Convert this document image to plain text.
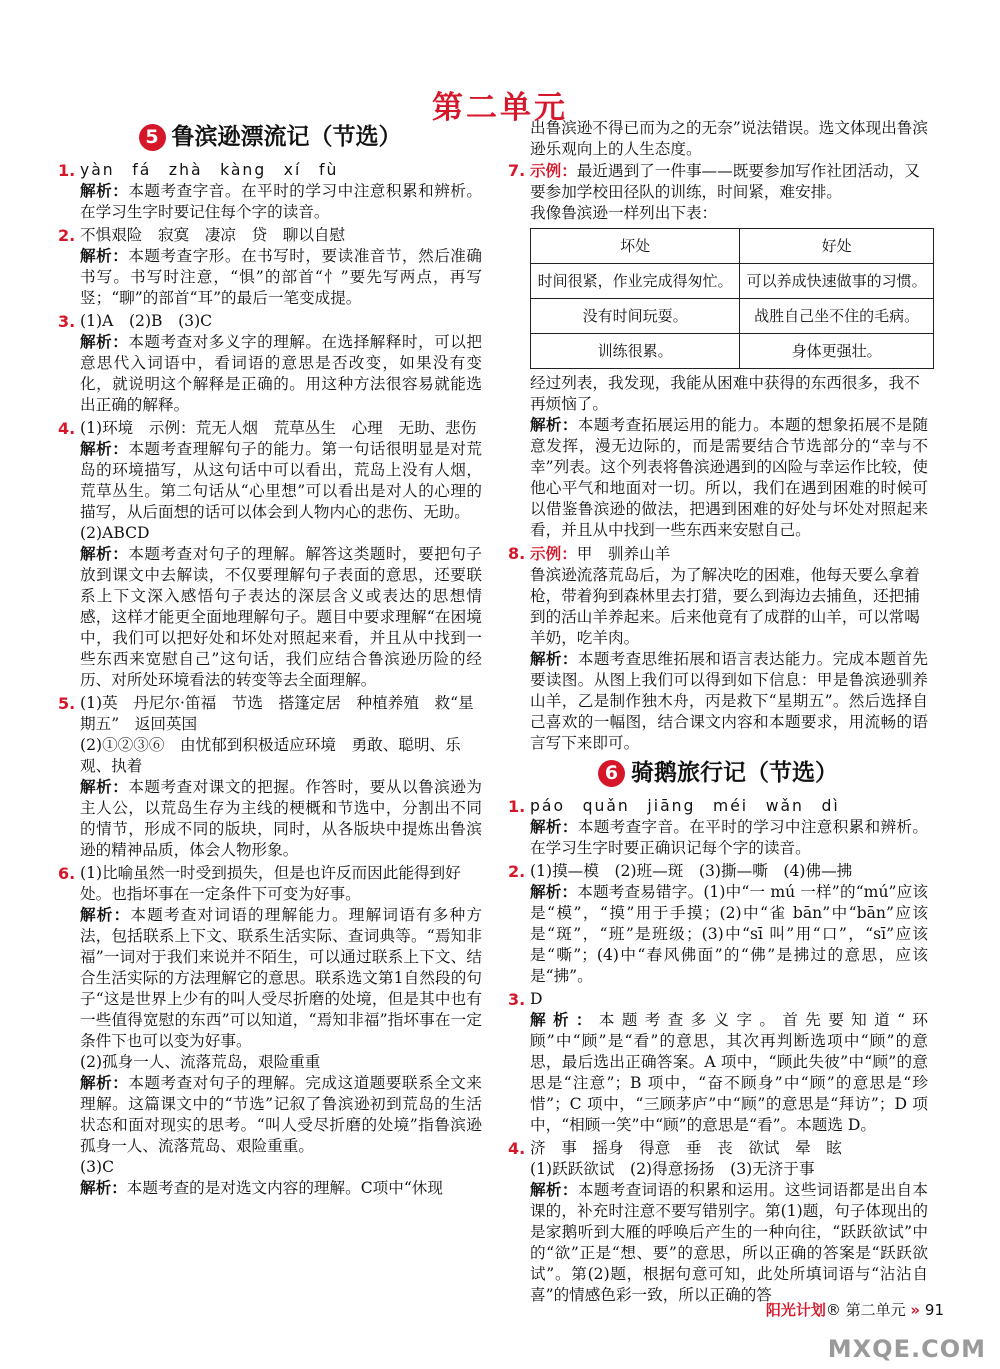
第二单元
5 鲁滨逊漂流记（节选）
1. yàn　fá　zhà　kàng　xí　fù
解析：本题考查字音。在平时的学习中注意积累和辨析。在学习生字时要记住每个字的读音。
2. 不惧艰险　寂寞　凄凉　贷　聊以自慰
解析：本题考查字形。在书写时，要读准音节，然后准确书写。书写时注意，“惧”的部首“忄”要先写两点，再写竖；“聊”的部首“耳”的最后一笔变成提。
3. (1)A　(2)B　(3)C
解析：本题考查对多义字的理解。在选择解释时，可以把意思代入词语中，看词语的意思是否改变，如果没有变化，就说明这个解释是正确的。用这种方法很容易就能选出正确的解释。
4. (1)环境　示例：荒无人烟　荒草丛生　心理　无助、悲伤
解析：本题考查理解句子的能力。第一句话很明显是对荒岛的环境描写，从这句话中可以看出，荒岛上没有人烟，荒草丛生。第二句话从“心里想”可以看出是对人的心理的描写，从后面想的话可以体会到人物内心的悲伤、无助。
(2)ABCD
解析：本题考查对句子的理解。解答这类题时，要把句子放到课文中去解读，不仅要理解句子表面的意思，还要联系上下文深入感悟句子表达的深层含义或表达的思想情感，这样才能更全面地理解句子。题目中要求理解“在困境中，我们可以把好处和坏处对照起来看，并且从中找到一些东西来宽慰自己”这句话，我们应结合鲁滨逊历险的经历、对所处环境看法的转变等去全面理解。
5. (1)英　丹尼尔·笛福　节选　搭篷定居　种植养殖　救“星期五”　返回英国
(2)①②③⑥　由忧郁到积极适应环境　勇敢、聪明、乐观、执着
解析：本题考查对课文的把握。作答时，要从以鲁滨逊为主人公，以荒岛生存为主线的梗概和节选中，分割出不同的情节，形成不同的版块，同时，从各版块中提炼出鲁滨逊的精神品质，体会人物形象。
6. (1)比喻虽然一时受到损失，但是也许反而因此能得到好处。也指坏事在一定条件下可变为好事。
解析：本题考查对词语的理解能力。理解词语有多种方法，包括联系上下文、联系生活实际、查词典等。“焉知非福”一词对于我们来说并不陌生，可以通过联系上下文、结合生活实际的方法理解它的意思。联系选文第1自然段的句子“这是世界上少有的叫人受尽折磨的处境，但是其中也有一些值得宽慰的东西”可以知道，“焉知非福”指坏事在一定条件下也可以变为好事。
(2)孤身一人、流落荒岛，艰险重重
解析：本题考查对句子的理解。完成这道题要联系全文来理解。这篇课文中的“节选”记叙了鲁滨逊初到荒岛的生活状态和面对现实的思考。“叫人受尽折磨的处境”指鲁滨逊孤身一人、流落荒岛、艰险重重。
(3)C
解析：本题考查的是对选文内容的理解。C项中“休现
出鲁滨逊不得已而为之的无奈”说法错误。选文体现出鲁滨逊乐观向上的人生态度。
7. 示例：最近遇到了一件事——既要参加写作社团活动，又要参加学校田径队的训练，时间紧，难安排。
我像鲁滨逊一样列出下表：
坏处	好处
时间很紧，作业完成得匆忙。	可以养成快速做事的习惯。
没有时间玩耍。	战胜自己坐不住的毛病。
训练很累。	身体更强壮。
经过列表，我发现，我能从困难中获得的东西很多，我不再烦恼了。
解析：本题考查拓展运用的能力。本题的想象拓展不是随意发挥，漫无边际的，而是需要结合节选部分的“幸与不幸”列表。这个列表将鲁滨逊遇到的凶险与幸运作比较，使他心平气和地面对一切。所以，我们在遇到困难的时候可以借鉴鲁滨逊的做法，把遇到困难的好处与坏处对照起来看，并且从中找到一些东西来安慰自己。
8. 示例：甲　驯养山羊
鲁滨逊流落荒岛后，为了解决吃的困难，他每天要么拿着枪，带着狗到森林里去打猎，要么到海边去捕鱼，还把捕到的活山羊养起来。后来他竟有了成群的山羊，可以常喝羊奶，吃羊肉。
解析：本题考查思维拓展和语言表达能力。完成本题首先要读图。从图上我们可以得到如下信息：甲是鲁滨逊驯养山羊，乙是制作独木舟，丙是救下“星期五”。然后选择自己喜欢的一幅图，结合课文内容和本题要求，用流畅的语言写下来即可。
6 骑鹅旅行记（节选）
1. páo　quǎn　jiāng　méi　wǎn　dì
解析：本题考查字音。在平时的学习中注意积累和辨析。在学习生字时要正确识记每个字的读音。
2. (1)摸—模　(2)班—斑　(3)撕—嘶　(4)佛—拂
解析：本题考查易错字。(1)中“一 mú 一样”的“mú”应该是“模”，“摸”用于手摸；(2)中“雀 bān”中“bān”应该是“斑”，“班”是班级；(3)中“sī 叫”用“口”，“sī”应该是“嘶”；(4)中“春风佛面”的“佛”是拂过的意思，应该是“拂”。
3. D
解析：本题考查多义字。首先要知道“环顾”中“顾”是“看”的意思，其次再判断选项中“顾”的意思，最后选出正确答案。A 项中，“顾此失彼”中“顾”的意思是“注意”；B 项中，“奋不顾身”中“顾”的意思是“珍惜”；C 项中，“三顾茅庐”中“顾”的意思是“拜访”；D 项中，“相顾一笑”中“顾”的意思是“看”。本题选 D。
4. 济　事　摇身　得意　垂　丧　欲试　晕　眩
(1)跃跃欲试　(2)得意扬扬　(3)无济于事
解析：本题考查词语的积累和运用。这些词语都是出自本课的，补充时注意不要写错别字。第(1)题，句子体现出的是家鹅听到大雁的呼唤后产生的一种向往，“跃跃欲试”中的“欲”正是“想、要”的意思，所以正确的答案是“跃跃欲试”。第(2)题，根据句意可知，此处所填词语与“沾沾自喜”的情感色彩一致，所以正确的答
阳光计划® 第二单元 » 91
MXQE.COM
